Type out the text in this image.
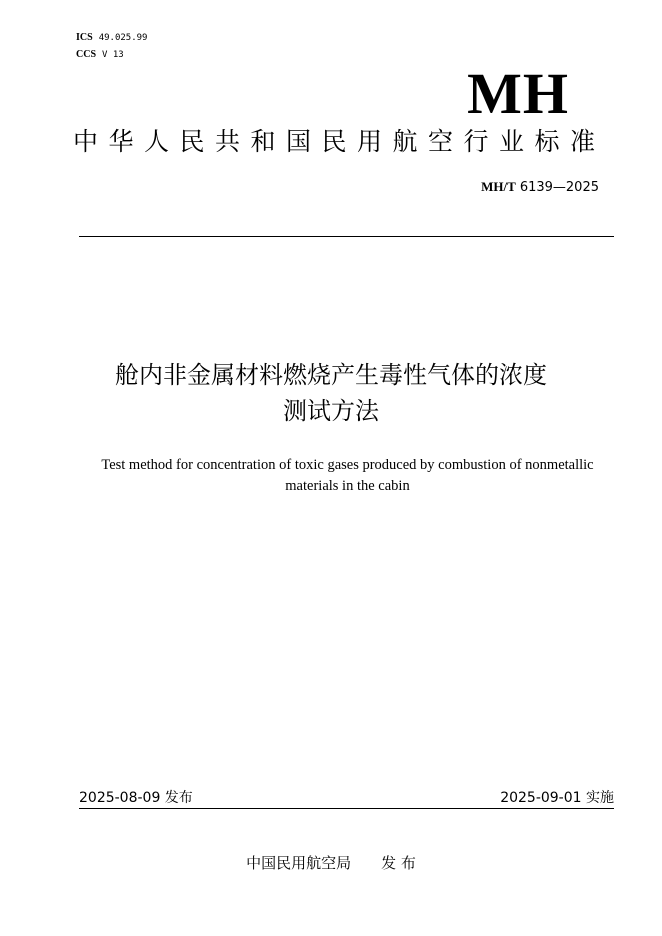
ICS 49.025.99
CCS V 13
MH
中华人民共和国民用航空行业标准
MH/T 6139—2025
舱内非金属材料燃烧产生毒性气体的浓度
测试方法
Test method for concentration of toxic gases produced by combustion of nonmetallic
materials in the cabin
2025-08-09 发布	2025-09-01 实施
中国民用航空局 发 布
